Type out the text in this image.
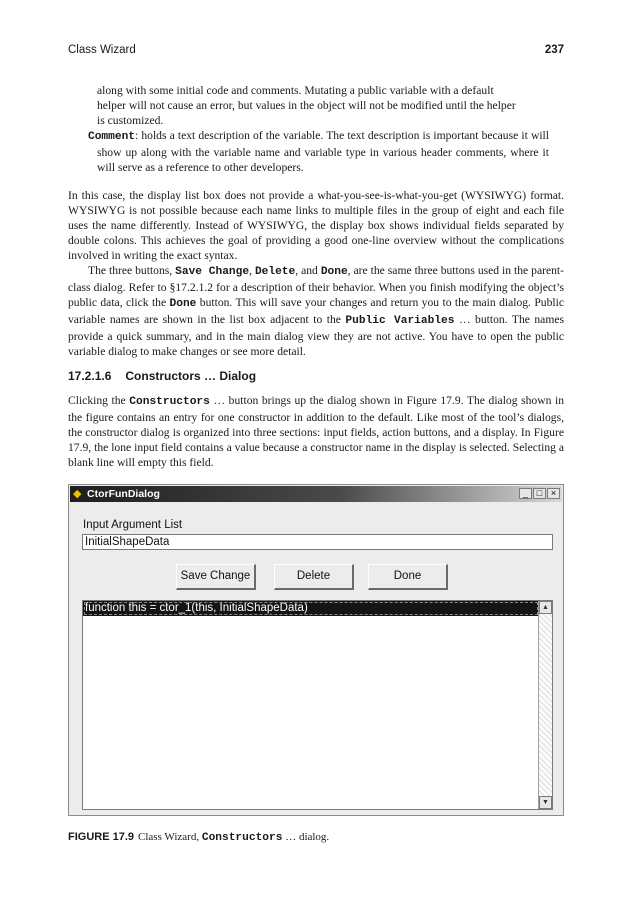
Class Wizard	237

along with some initial code and comments. Mutating a public variable with a default

helper will not cause an error, but values in the object will not be modified until the helper

is customized.

Comment: holds a text description of the variable. The text description is important because it will show up along with the variable name and variable type in various header comments, where it will serve as a reference to other developers.

In this case, the display list box does not provide a what-you-see-is-what-you-get (WYSIWYG) format. WYSIWYG is not possible because each name links to multiple files in the group of eight and each file uses the name differently. Instead of WYSIWYG, the display box shows individual fields separated by double colons. This achieves the goal of providing a good one-line overview without the complications involved in writing the exact syntax.

The three buttons, Save Change, Delete, and Done, are the same three buttons used in the parent-class dialog. Refer to §17.2.1.2 for a description of their behavior. When you finish modifying the object’s public data, click the Done button. This will save your changes and return you to the main dialog. Public variable names are shown in the list box adjacent to the Public Variables … button. The names provide a quick summary, and in the main dialog view they are not active. You have to open the public variable dialog to make changes or see more detail.

17.2.1.6 Constructors … Dialog

Clicking the Constructors … button brings up the dialog shown in Figure 17.9. The dialog shown in the figure contains an entry for one constructor in addition to the default. Like most of the tool’s dialogs, the constructor dialog is organized into three sections: input fields, action buttons, and a display. In Figure 17.9, the lone input field contains a value because a constructor name in the display is selected. Selecting a blank line will empty this field.

◆ CtorFunDialog	_ □ ×
Input Argument List
InitialShapeData
Save Change	Delete	Done
function this = ctor_1(this, InitialShapeData)	▲
▼
FIGURE 17.9 Class Wizard, Constructors … dialog.
